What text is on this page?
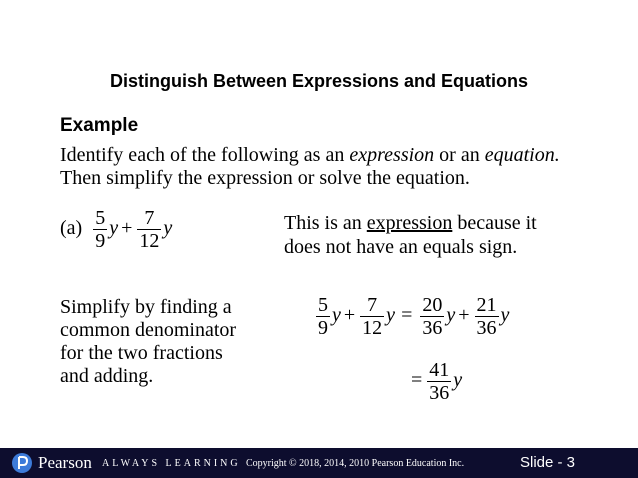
Distinguish Between Expressions and Equations
Example
Identify each of the following as an expression or an equation.
Then simplify the expression or solve the equation.
$(a) \frac{5}{9}$ $y + \frac{7}{12}$ y	This is an expression because it
does not have an equals sign.
Simplify by finding a
common denominator
for the two fractions
and adding.
$\frac{5}{9}$ $y + \frac{7}{12}$ $y = \frac{20}{36}$ $y + \frac{21}{36}$ y
= $\frac{41}{36}$ y
Pearson ALWAYS LEARNING Copyright © 2018, 2014, 2010 Pearson Education Inc.	Slide - 3
